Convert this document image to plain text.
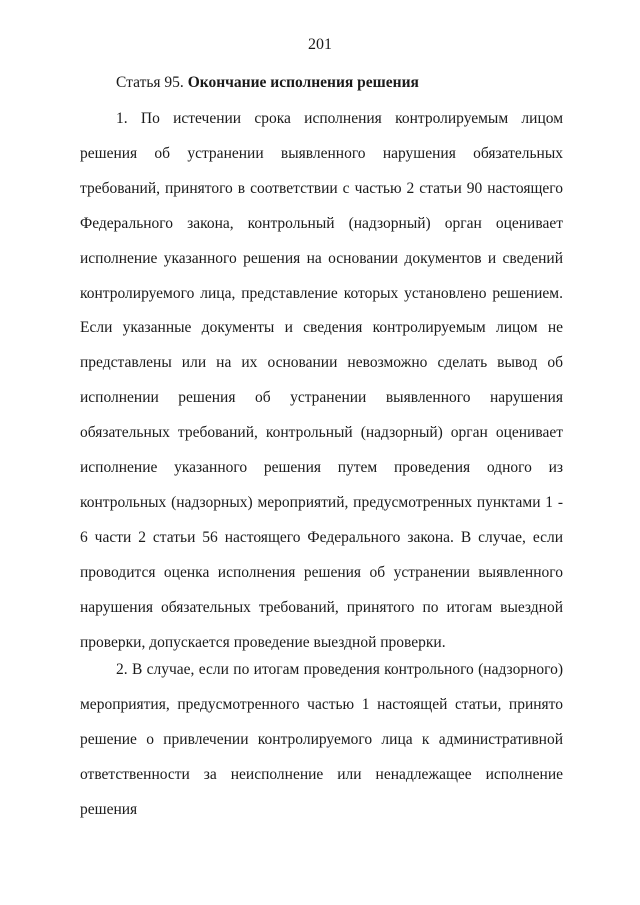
201
Статья 95. Окончание исполнения решения

1. По истечении срока исполнения контролируемым лицом решения об устранении выявленного нарушения обязательных требований, принятого в соответствии с частью 2 статьи 90 настоящего Федерального закона, контрольный (надзорный) орган оценивает исполнение указанного решения на основании документов и сведений контролируемого лица, представление которых установлено решением. Если указанные документы и сведения контролируемым лицом не представлены или на их основании невозможно сделать вывод об исполнении решения об устранении выявленного нарушения обязательных требований, контрольный (надзорный) орган оценивает исполнение указанного решения путем проведения одного из контрольных (надзорных) мероприятий, предусмотренных пунктами 1 - 6 части 2 статьи 56 настоящего Федерального закона. В случае, если проводится оценка исполнения решения об устранении выявленного нарушения обязательных требований, принятого по итогам выездной проверки, допускается проведение выездной проверки.

2. В случае, если по итогам проведения контрольного (надзорного) мероприятия, предусмотренного частью 1 настоящей статьи, принято решение о привлечении контролируемого лица к административной ответственности за неисполнение или ненадлежащее исполнение решения
